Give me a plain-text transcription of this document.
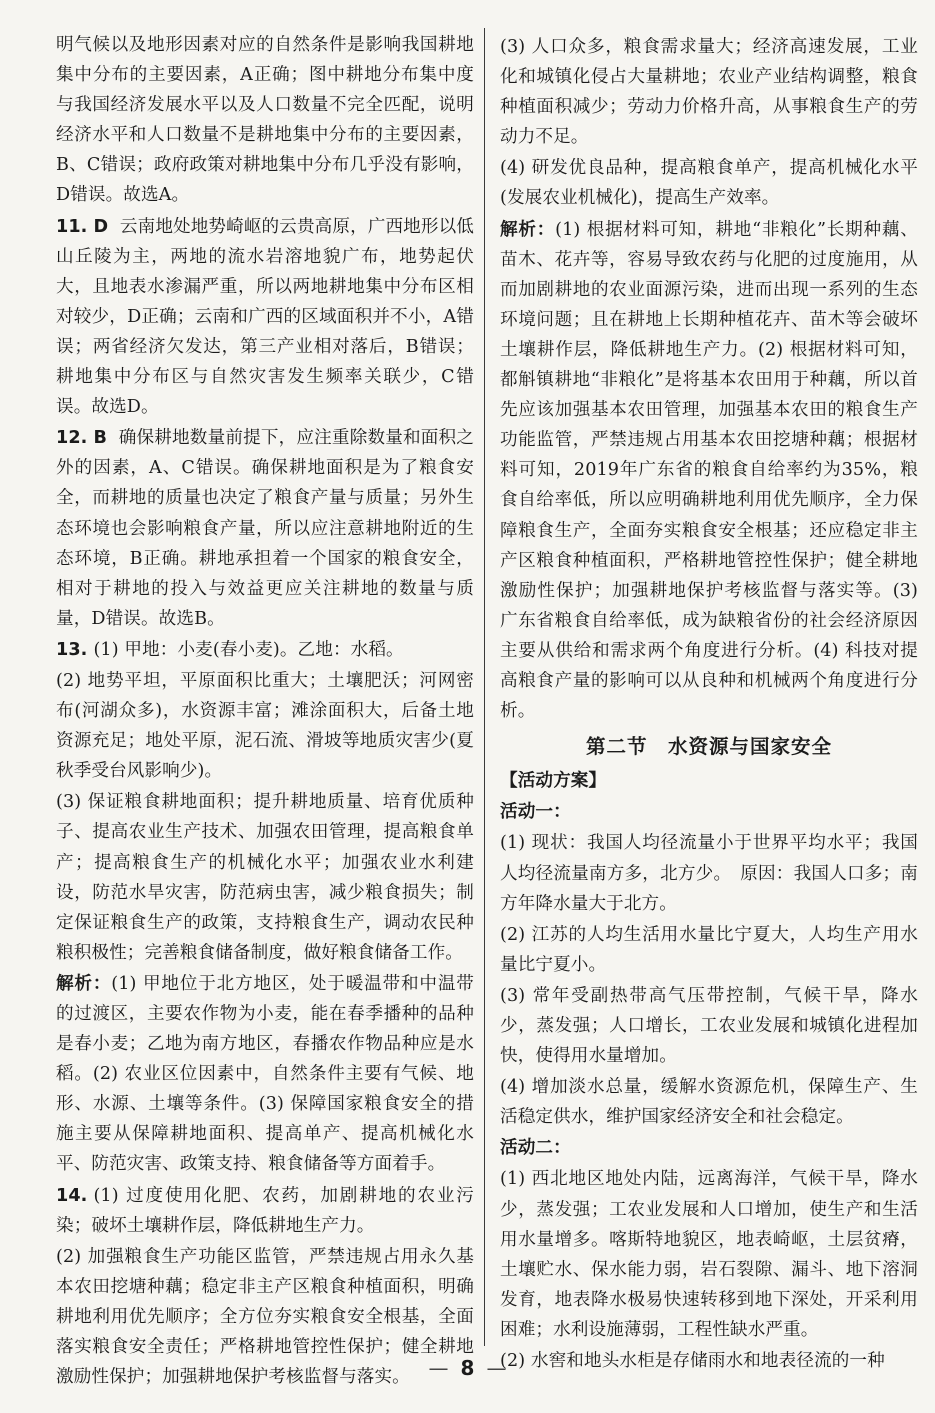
明气候以及地形因素对应的自然条件是影响我国耕地集中分布的主要因素，A正确；图中耕地分布集中度与我国经济发展水平以及人口数量不完全匹配，说明经济水平和人口数量不是耕地集中分布的主要因素，B、C错误；政府政策对耕地集中分布几乎没有影响，D错误。故选A。

11. D 云南地处地势崎岖的云贵高原，广西地形以低山丘陵为主，两地的流水岩溶地貌广布，地势起伏大，且地表水渗漏严重，所以两地耕地集中分布区相对较少，D正确；云南和广西的区域面积并不小，A错误；两省经济欠发达，第三产业相对落后，B错误；耕地集中分布区与自然灾害发生频率关联少，C错误。故选D。

12. B 确保耕地数量前提下，应注重除数量和面积之外的因素，A、C错误。确保耕地面积是为了粮食安全，而耕地的质量也决定了粮食产量与质量；另外生态环境也会影响粮食产量，所以应注意耕地附近的生态环境，B正确。耕地承担着一个国家的粮食安全，相对于耕地的投入与效益更应关注耕地的数量与质量，D错误。故选B。

13. (1) 甲地：小麦(春小麦)。乙地：水稻。

(2) 地势平坦，平原面积比重大；土壤肥沃；河网密布(河湖众多)，水资源丰富；滩涂面积大，后备土地资源充足；地处平原，泥石流、滑坡等地质灾害少(夏秋季受台风影响少)。

(3) 保证粮食耕地面积；提升耕地质量、培育优质种子、提高农业生产技术、加强农田管理，提高粮食单产；提高粮食生产的机械化水平；加强农业水利建设，防范水旱灾害，防范病虫害，减少粮食损失；制定保证粮食生产的政策，支持粮食生产，调动农民种粮积极性；完善粮食储备制度，做好粮食储备工作。

解析：(1) 甲地位于北方地区，处于暖温带和中温带的过渡区，主要农作物为小麦，能在春季播种的品种是春小麦；乙地为南方地区，春播农作物品种应是水稻。(2) 农业区位因素中，自然条件主要有气候、地形、水源、土壤等条件。(3) 保障国家粮食安全的措施主要从保障耕地面积、提高单产、提高机械化水平、防范灾害、政策支持、粮食储备等方面着手。

14. (1) 过度使用化肥、农药，加剧耕地的农业污染；破坏土壤耕作层，降低耕地生产力。

(2) 加强粮食生产功能区监管，严禁违规占用永久基本农田挖塘种藕；稳定非主产区粮食种植面积，明确耕地利用优先顺序；全方位夯实粮食安全根基，全面落实粮食安全责任；严格耕地管控性保护；健全耕地激励性保护；加强耕地保护考核监督与落实。

(3) 人口众多，粮食需求量大；经济高速发展，工业化和城镇化侵占大量耕地；农业产业结构调整，粮食种植面积减少；劳动力价格升高，从事粮食生产的劳动力不足。

(4) 研发优良品种，提高粮食单产，提高机械化水平(发展农业机械化)，提高生产效率。

解析：(1) 根据材料可知，耕地“非粮化”长期种藕、苗木、花卉等，容易导致农药与化肥的过度施用，从而加剧耕地的农业面源污染，进而出现一系列的生态环境问题；且在耕地上长期种植花卉、苗木等会破坏土壤耕作层，降低耕地生产力。(2) 根据材料可知，都斛镇耕地“非粮化”是将基本农田用于种藕，所以首先应该加强基本农田管理，加强基本农田的粮食生产功能监管，严禁违规占用基本农田挖塘种藕；根据材料可知，2019年广东省的粮食自给率约为35%，粮食自给率低，所以应明确耕地利用优先顺序，全力保障粮食生产，全面夯实粮食安全根基；还应稳定非主产区粮食种植面积，严格耕地管控性保护；健全耕地激励性保护；加强耕地保护考核监督与落实等。(3) 广东省粮食自给率低，成为缺粮省份的社会经济原因主要从供给和需求两个角度进行分析。(4) 科技对提高粮食产量的影响可以从良种和机械两个角度进行分析。

第二节　水资源与国家安全

【活动方案】

活动一：

(1) 现状：我国人均径流量小于世界平均水平；我国人均径流量南方多，北方少。　原因：我国人口多；南方年降水量大于北方。

(2) 江苏的人均生活用水量比宁夏大，人均生产用水量比宁夏小。

(3) 常年受副热带高气压带控制，气候干旱，降水少，蒸发强；人口增长，工农业发展和城镇化进程加快，使得用水量增加。

(4) 增加淡水总量，缓解水资源危机，保障生产、生活稳定供水，维护国家经济安全和社会稳定。

活动二：

(1) 西北地区地处内陆，远离海洋，气候干旱，降水少，蒸发强；工农业发展和人口增加，使生产和生活用水量增多。喀斯特地貌区，地表崎岖，土层贫瘠，土壤贮水、保水能力弱，岩石裂隙、漏斗、地下溶洞发育，地表降水极易快速转移到地下深处，开采利用困难；水利设施薄弱，工程性缺水严重。

(2) 水窖和地头水柜是存储雨水和地表径流的一种

— 8 —
